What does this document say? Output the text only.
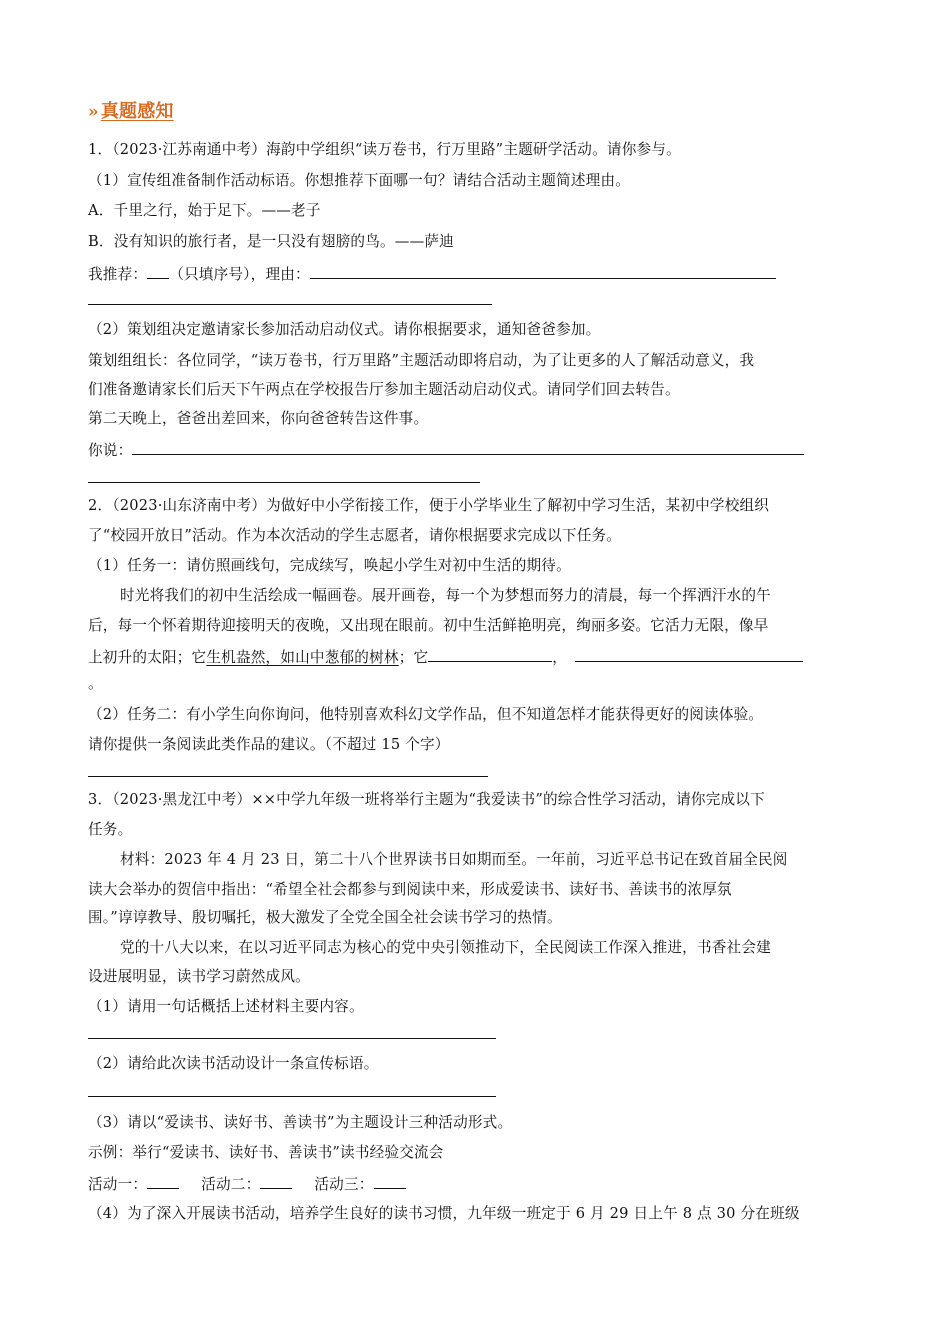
» 真题感知
1．（2023·江苏南通中考）海韵中学组织“读万卷书，行万里路”主题研学活动。请你参与。
（1）宣传组准备制作活动标语。你想推荐下面哪一句？请结合活动主题简述理由。
A．千里之行，始于足下。——老子
B．没有知识的旅行者，是一只没有翅膀的鸟。——萨迪
我推荐： （只填序号），理由：
（2）策划组决定邀请家长参加活动启动仪式。请你根据要求，通知爸爸参加。
策划组组长：各位同学，“读万卷书，行万里路”主题活动即将启动，为了让更多的人了解活动意义，我
们准备邀请家长们后天下午两点在学校报告厅参加主题活动启动仪式。请同学们回去转告。
第二天晚上，爸爸出差回来，你向爸爸转告这件事。
你说：
2．（2023·山东济南中考）为做好中小学衔接工作，便于小学毕业生了解初中学习生活，某初中学校组织
了“校园开放日”活动。作为本次活动的学生志愿者，请你根据要求完成以下任务。
（1）任务一：请仿照画线句，完成续写，唤起小学生对初中生活的期待。
时光将我们的初中生活绘成一幅画卷。展开画卷，每一个为梦想而努力的清晨，每一个挥洒汗水的午
后，每一个怀着期待迎接明天的夜晚，又出现在眼前。初中生活鲜艳明亮，绚丽多姿。它活力无限，像早
上初升的太阳；它生机盎然，如山中葱郁的树林；它	，
。
（2）任务二：有小学生向你询问，他特别喜欢科幻文学作品，但不知道怎样才能获得更好的阅读体验。
请你提供一条阅读此类作品的建议。（不超过 15 个字）
3．（2023·黑龙江中考）××中学九年级一班将举行主题为“我爱读书”的综合性学习活动，请你完成以下
任务。
材料：2023 年 4 月 23 日，第二十八个世界读书日如期而至。一年前，习近平总书记在致首届全民阅
读大会举办的贺信中指出：“希望全社会都参与到阅读中来，形成爱读书、读好书、善读书的浓厚氛
围。”谆谆教导、殷切嘱托，极大激发了全党全国全社会读书学习的热情。
党的十八大以来，在以习近平同志为核心的党中央引领推动下，全民阅读工作深入推进，书香社会建
设进展明显，读书学习蔚然成风。
（1）请用一句话概括上述材料主要内容。
（2）请给此次读书活动设计一条宣传标语。
（3）请以“爱读书、读好书、善读书”为主题设计三种活动形式。
示例：举行“爱读书、读好书、善读书”读书经验交流会
活动一：	活动二：	活动三：
（4）为了深入开展读书活动，培养学生良好的读书习惯，九年级一班定于 6 月 29 日上午 8 点 30 分在班级
